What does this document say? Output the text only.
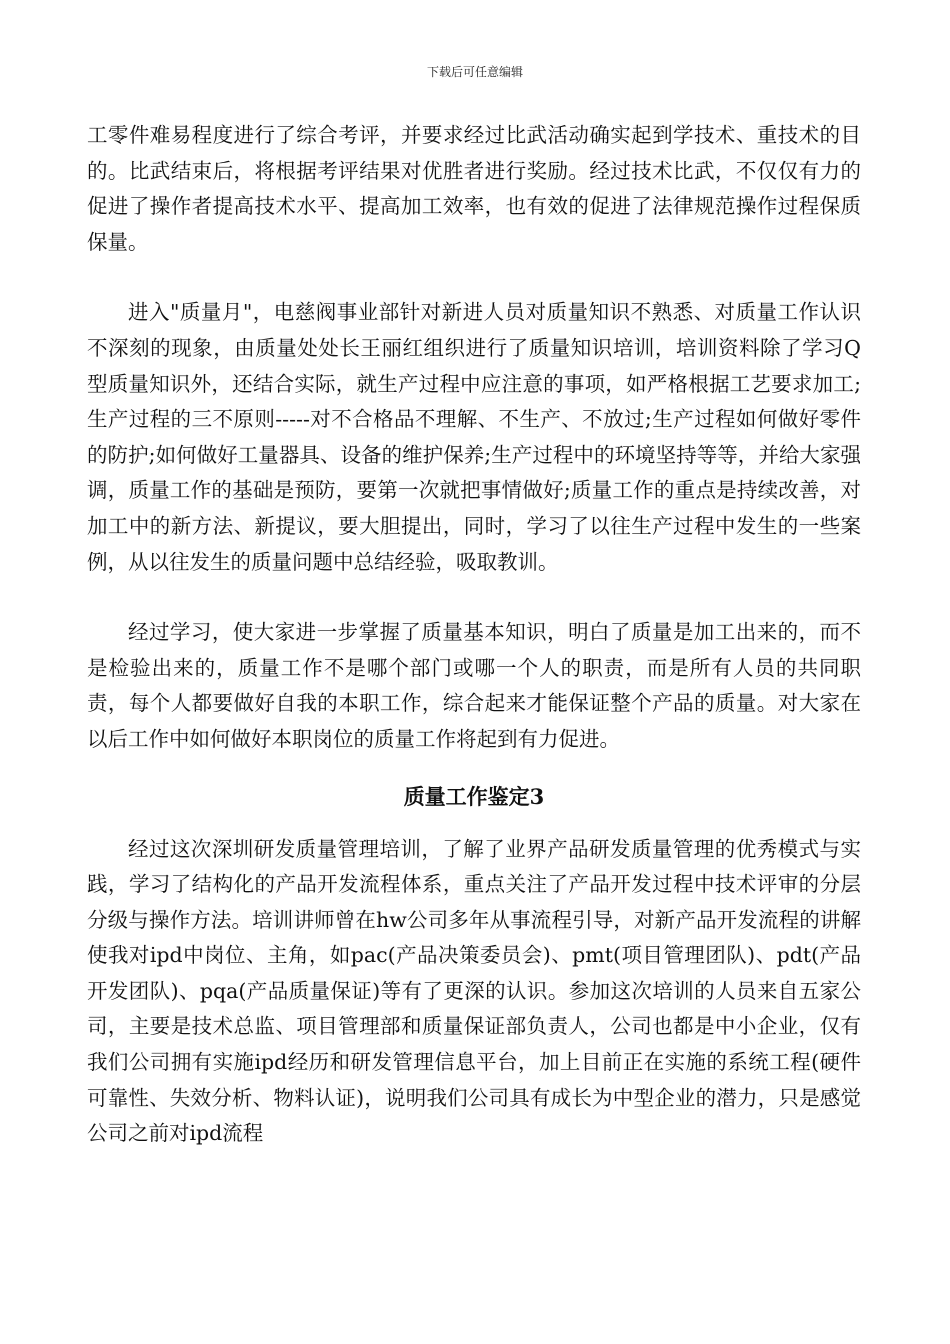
下载后可任意编辑

工零件难易程度进行了综合考评，并要求经过比武活动确实起到学技术、重技术的目的。比武结束后，将根据考评结果对优胜者进行奖励。经过技术比武，不仅仅有力的促进了操作者提高技术水平、提高加工效率，也有效的促进了法律规范操作过程保质保量。

进入"质量月"，电慈阀事业部针对新进人员对质量知识不熟悉、对质量工作认识不深刻的现象，由质量处处长王丽红组织进行了质量知识培训，培训资料除了学习Q型质量知识外，还结合实际，就生产过程中应注意的事项，如严格根据工艺要求加工;生产过程的三不原则-----对不合格品不理解、不生产、不放过;生产过程如何做好零件的防护;如何做好工量器具、设备的维护保养;生产过程中的环境坚持等等，并给大家强调，质量工作的基础是预防，要第一次就把事情做好;质量工作的重点是持续改善，对加工中的新方法、新提议，要大胆提出，同时，学习了以往生产过程中发生的一些案例，从以往发生的质量问题中总结经验，吸取教训。

经过学习，使大家进一步掌握了质量基本知识，明白了质量是加工出来的，而不是检验出来的，质量工作不是哪个部门或哪一个人的职责，而是所有人员的共同职责，每个人都要做好自我的本职工作，综合起来才能保证整个产品的质量。对大家在以后工作中如何做好本职岗位的质量工作将起到有力促进。

质量工作鉴定3

经过这次深圳研发质量管理培训，了解了业界产品研发质量管理的优秀模式与实践，学习了结构化的产品开发流程体系，重点关注了产品开发过程中技术评审的分层分级与操作方法。培训讲师曾在hw公司多年从事流程引导，对新产品开发流程的讲解使我对ipd中岗位、主角，如pac(产品决策委员会)、pmt(项目管理团队)、pdt(产品开发团队)、pqa(产品质量保证)等有了更深的认识。参加这次培训的人员来自五家公司，主要是技术总监、项目管理部和质量保证部负责人，公司也都是中小企业，仅有我们公司拥有实施ipd经历和研发管理信息平台，加上目前正在实施的系统工程(硬件可靠性、失效分析、物料认证)，说明我们公司具有成长为中型企业的潜力，只是感觉公司之前对ipd流程
